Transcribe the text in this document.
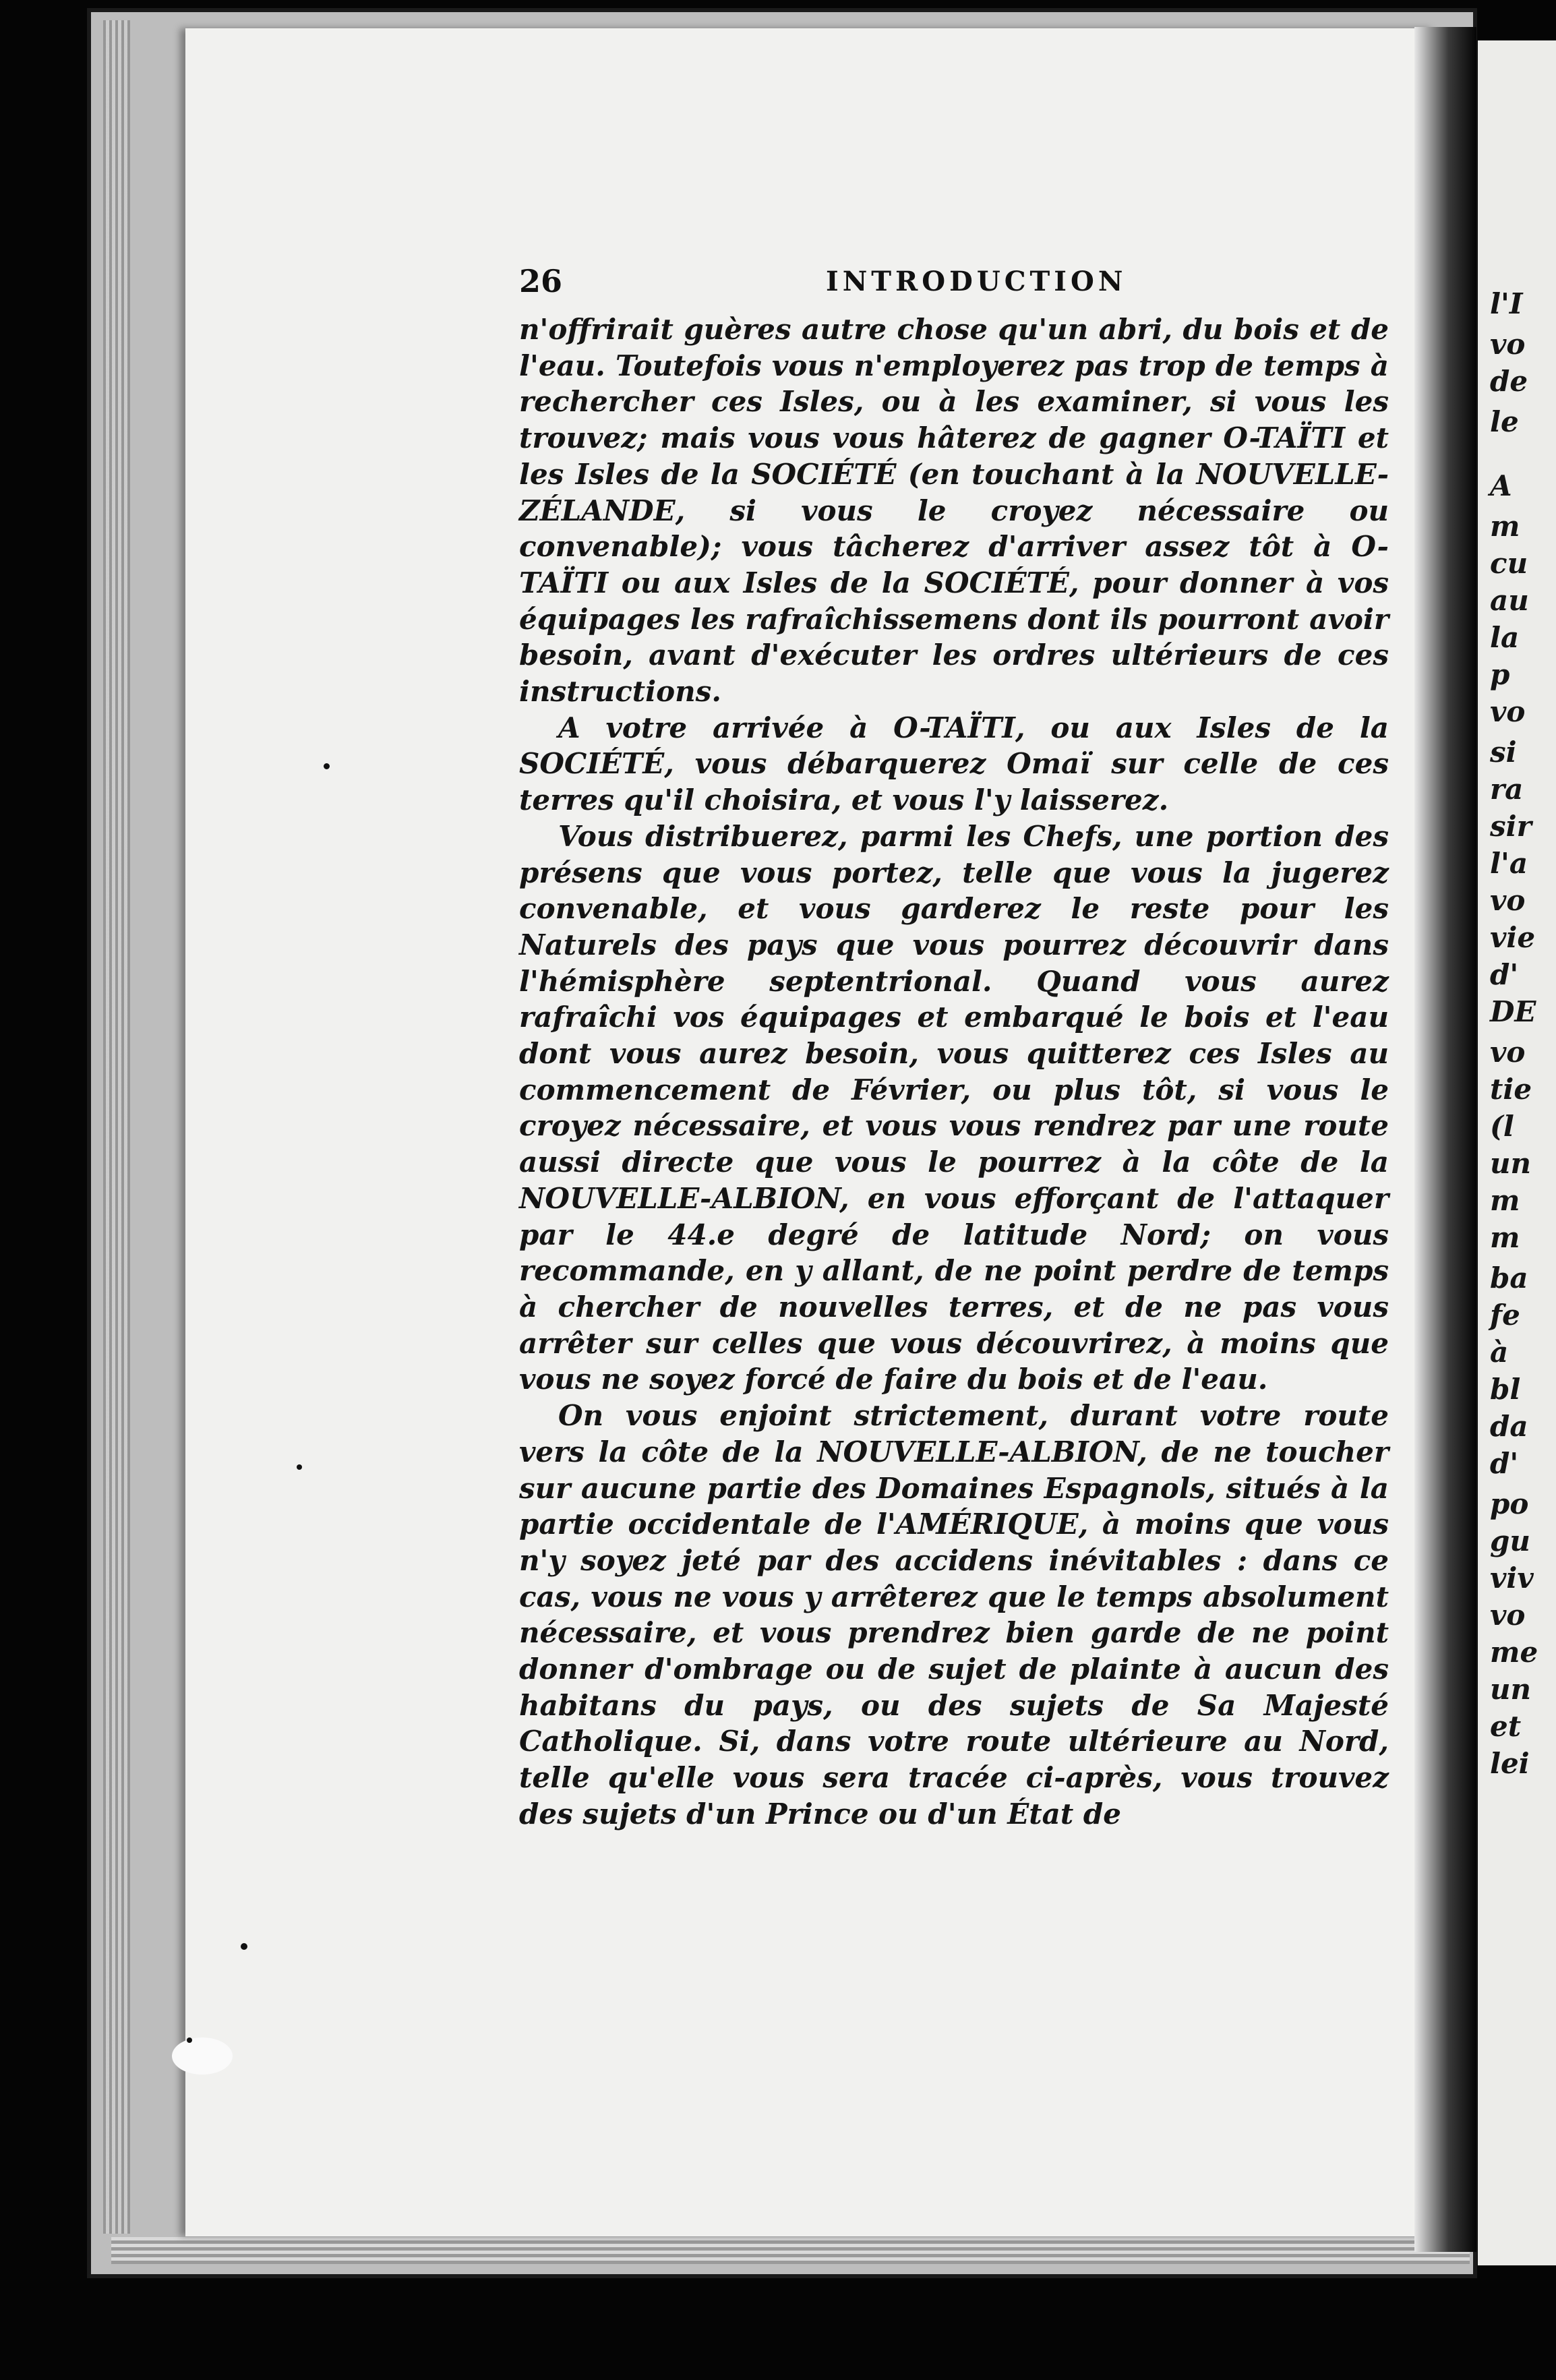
l'I
vo
de
le
A
m
cu
au
la
p
vo
si
ra
sir
l'a
vo
vie
d'
DE
vo
tie
(l
un
m
m
ba
fe
à
bl
da
d'
po
gu
viv
vo
me
un
et
lei
26	INTRODUCTION

n'offrirait guères autre chose qu'un abri, du bois et de l'eau. Toutefois vous n'employerez pas trop de temps à rechercher ces Isles, ou à les examiner, si vous les trouvez; mais vous vous hâterez de gagner O-TAÏTI et les Isles de la SOCIÉTÉ (en touchant à la NOUVELLE-ZÉLANDE, si vous le croyez nécessaire ou convenable); vous tâcherez d'arriver assez tôt à O-TAÏTI ou aux Isles de la SOCIÉTÉ, pour donner à vos équipages les rafraîchissemens dont ils pourront avoir besoin, avant d'exécuter les ordres ultérieurs de ces instructions.

A votre arrivée à O-TAÏTI, ou aux Isles de la SOCIÉTÉ, vous débarquerez Omaï sur celle de ces terres qu'il choisira, et vous l'y laisserez.

Vous distribuerez, parmi les Chefs, une portion des présens que vous portez, telle que vous la jugerez convenable, et vous garderez le reste pour les Naturels des pays que vous pourrez découvrir dans l'hémisphère septentrional. Quand vous aurez rafraîchi vos équipages et embarqué le bois et l'eau dont vous aurez besoin, vous quitterez ces Isles au commencement de Février, ou plus tôt, si vous le croyez nécessaire, et vous vous rendrez par une route aussi directe que vous le pourrez à la côte de la NOUVELLE-ALBION, en vous efforçant de l'attaquer par le 44.e degré de latitude Nord; on vous recommande, en y allant, de ne point perdre de temps à chercher de nouvelles terres, et de ne pas vous arrêter sur celles que vous découvrirez, à moins que vous ne soyez forcé de faire du bois et de l'eau.

On vous enjoint strictement, durant votre route vers la côte de la NOUVELLE-ALBION, de ne toucher sur aucune partie des Domaines Espagnols, situés à la partie occidentale de l'AMÉRIQUE, à moins que vous n'y soyez jeté par des accidens inévitables : dans ce cas, vous ne vous y arrêterez que le temps absolument nécessaire, et vous prendrez bien garde de ne point donner d'ombrage ou de sujet de plainte à aucun des habitans du pays, ou des sujets de Sa Majesté Catholique. Si, dans votre route ultérieure au Nord, telle qu'elle vous sera tracée ci-après, vous trouvez des sujets d'un Prince ou d'un État de
